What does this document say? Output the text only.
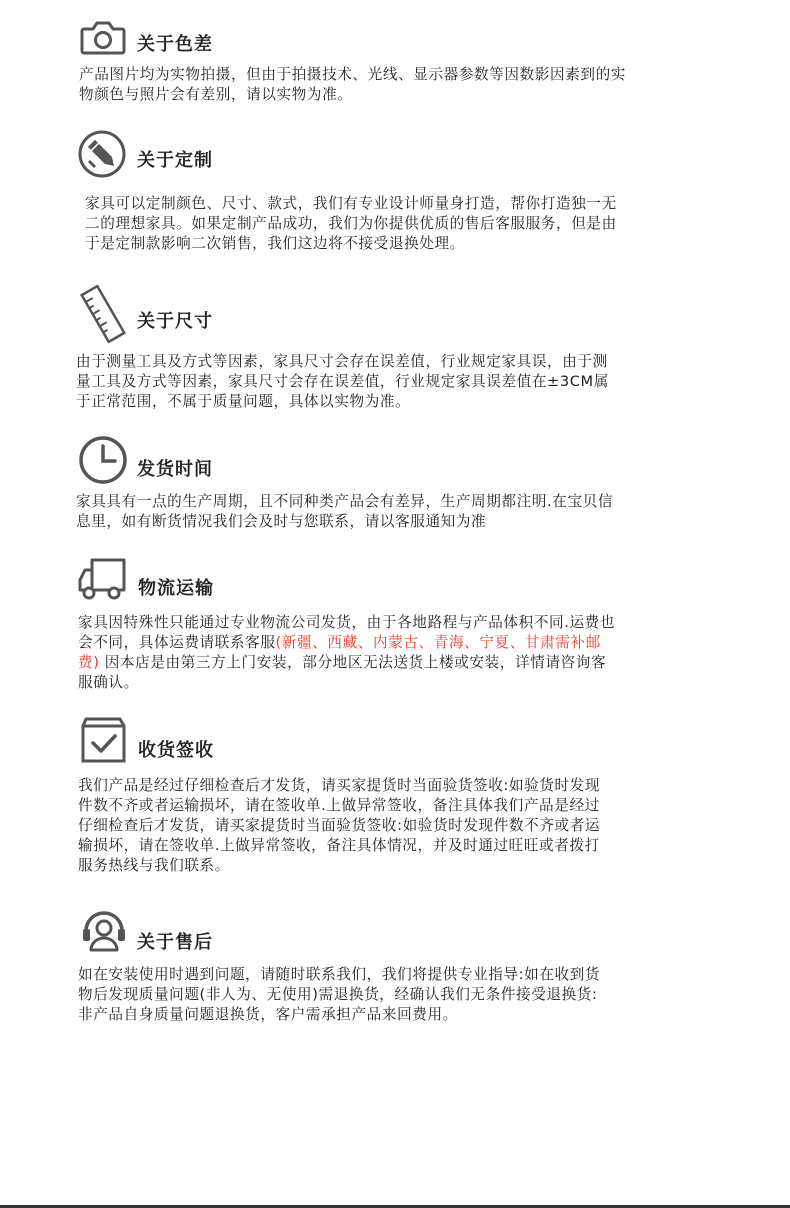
关于色差
产品图片均为实物拍摄，但由于拍摄技术、光线、显示器参数等因数影因素到的实
物颜色与照片会有差别，请以实物为准。
关于定制
家具可以定制颜色、尺寸、款式，我们有专业设计师量身打造，帮你打造独一无
二的理想家具。如果定制产品成功，我们为你提供优质的售后客服服务，但是由
于是定制款影响二次销售，我们这边将不接受退换处理。
关于尺寸
由于测量工具及方式等因素，家具尺寸会存在误差值，行业规定家具误，由于测
量工具及方式等因素，家具尺寸会存在误差值，行业规定家具误差值在±3CM属
于正常范围，不属于质量问题，具体以实物为准。
发货时间
家具具有一点的生产周期，且不同种类产品会有差异，生产周期都注明.在宝贝信
息里，如有断货情况我们会及时与您联系，请以客服通知为准
物流运输
家具因特殊性只能通过专业物流公司发货，由于各地路程与产品体积不同.运费也
会不同，具体运费请联系客服(新疆、西藏、内蒙古、青海、宁夏、甘肃需补邮
费) 因本店是由第三方上门安装，部分地区无法送货上楼或安装，详情请咨询客
服确认。
收货签收
我们产品是经过仔细检查后才发货，请买家提货时当面验货签收:如验货时发现
件数不齐或者运输损坏，请在签收单.上做异常签收，备注具体我们产品是经过
仔细检查后才发货，请买家提货时当面验货签收:如验货时发现件数不齐或者运
输损坏，请在签收单.上做异常签收，备注具体情况，并及时通过旺旺或者拨打
服务热线与我们联系。
关于售后
如在安装使用时遇到问题，请随时联系我们，我们将提供专业指导:如在收到货
物后发现质量问题(非人为、无使用)需退换货，经确认我们无条件接受退换货:
非产品自身质量问题退换货，客户需承担产品来回费用。
